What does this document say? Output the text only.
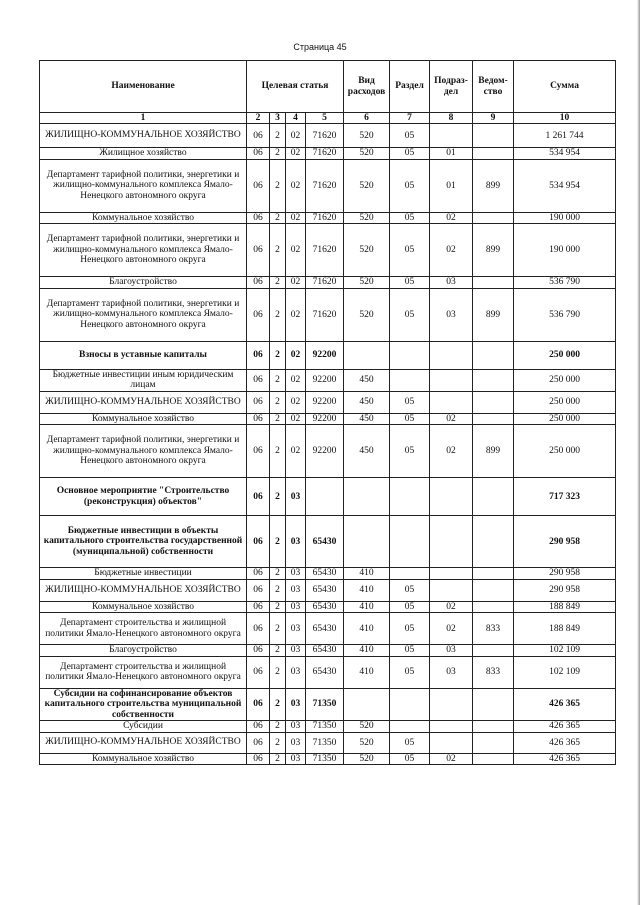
Страница 45
Наименование	Целевая статья				Вид расходов	Раздел	Подраз-дел	Ведом-ство	Сумма
1	2	3	4	5	6	7	8	9	10
ЖИЛИЩНО-КОММУНАЛЬНОЕ ХОЗЯЙСТВО	06	2	02	71620	520	05			1 261 744
Жилищное хозяйство	06	2	02	71620	520	05	01		534 954
Департамент тарифной политики, энергетики и жилищно-коммунального комплекса Ямало-Ненецкого автономного округа	06	2	02	71620	520	05	01	899	534 954
Коммунальное хозяйство	06	2	02	71620	520	05	02		190 000
Департамент тарифной политики, энергетики и жилищно-коммунального комплекса Ямало-Ненецкого автономного округа	06	2	02	71620	520	05	02	899	190 000
Благоустройство	06	2	02	71620	520	05	03		536 790
Департамент тарифной политики, энергетики и жилищно-коммунального комплекса Ямало-Ненецкого автономного округа	06	2	02	71620	520	05	03	899	536 790
Взносы в уставные капиталы	06	2	02	92200					250 000
Бюджетные инвестиции иным юридическим лицам	06	2	02	92200	450				250 000
ЖИЛИЩНО-КОММУНАЛЬНОЕ ХОЗЯЙСТВО	06	2	02	92200	450	05			250 000
Коммунальное хозяйство	06	2	02	92200	450	05	02		250 000
Департамент тарифной политики, энергетики и жилищно-коммунального комплекса Ямало-Ненецкого автономного округа	06	2	02	92200	450	05	02	899	250 000
Основное мероприятие "Строительство (реконструкция) объектов"	06	2	03						717 323
Бюджетные инвестиции в объекты капитального строительства государственной (муниципальной) собственности	06	2	03	65430					290 958
Бюджетные инвестиции	06	2	03	65430	410				290 958
ЖИЛИЩНО-КОММУНАЛЬНОЕ ХОЗЯЙСТВО	06	2	03	65430	410	05			290 958
Коммунальное хозяйство	06	2	03	65430	410	05	02		188 849
Департамент строительства и жилищной политики Ямало-Ненецкого автономного округа	06	2	03	65430	410	05	02	833	188 849
Благоустройство	06	2	03	65430	410	05	03		102 109
Департамент строительства и жилищной политики Ямало-Ненецкого автономного округа	06	2	03	65430	410	05	03	833	102 109
Субсидии на софинансирование объектов капитального строительства муниципальной собственности	06	2	03	71350					426 365
Субсидии	06	2	03	71350	520				426 365
ЖИЛИЩНО-КОММУНАЛЬНОЕ ХОЗЯЙСТВО	06	2	03	71350	520	05			426 365
Коммунальное хозяйство	06	2	03	71350	520	05	02		426 365
